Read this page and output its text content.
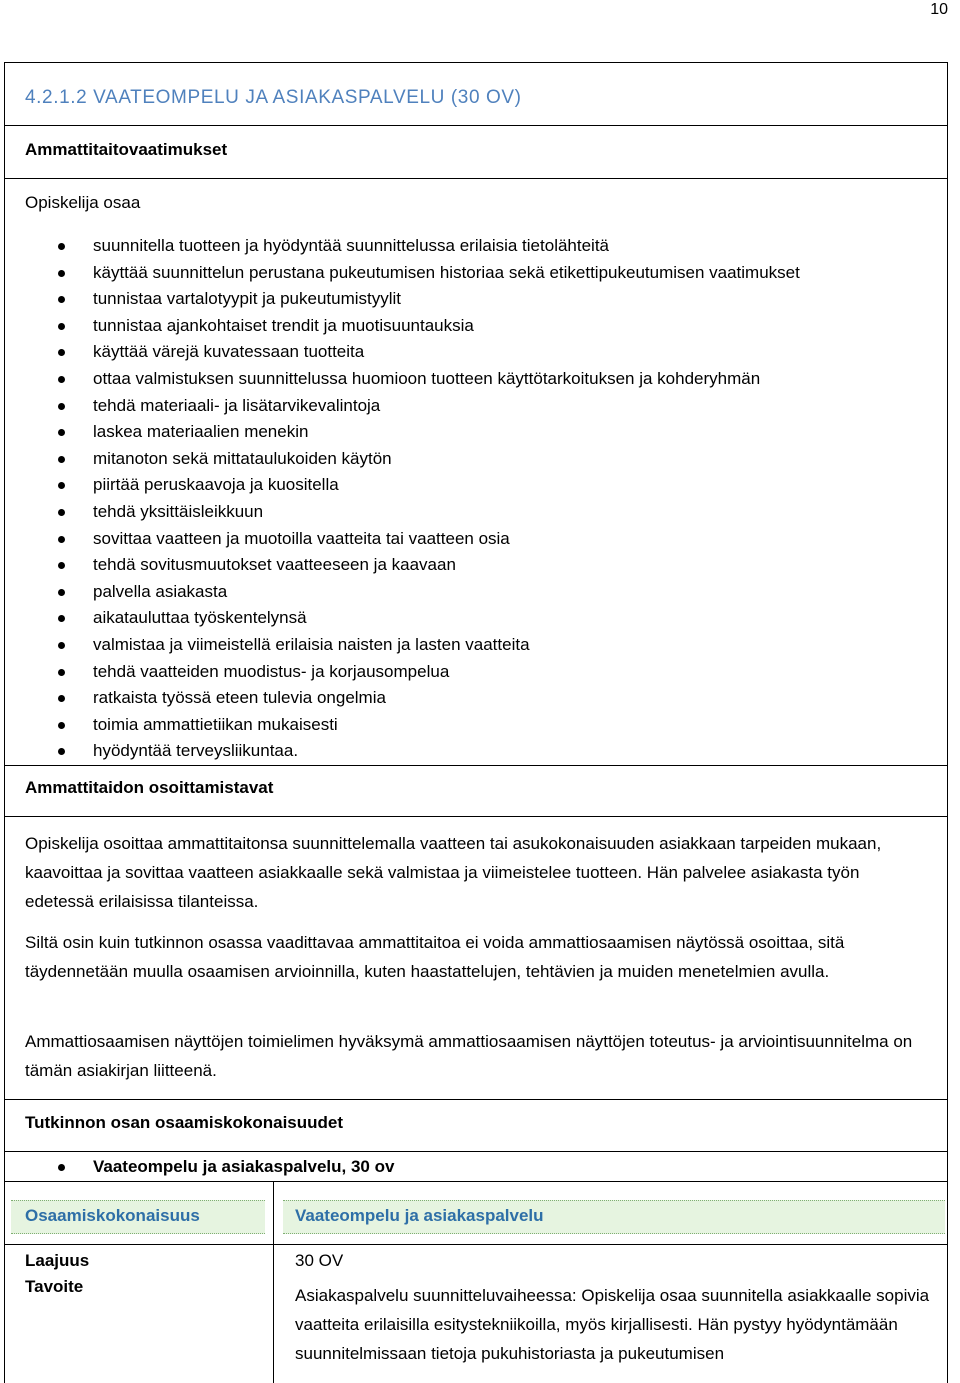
10
4.2.1.2 VAATEOMPELU JA ASIAKASPALVELU (30 OV)
Ammattitaitovaatimukset
Opiskelija osaa
suunnitella tuotteen ja hyödyntää suunnittelussa erilaisia tietolähteitä
käyttää suunnittelun perustana pukeutumisen historiaa sekä etikettipukeutumisen vaatimukset
tunnistaa vartalotyypit ja pukeutumistyylit
tunnistaa ajankohtaiset trendit ja muotisuuntauksia
käyttää värejä kuvatessaan tuotteita
ottaa valmistuksen suunnittelussa huomioon tuotteen käyttötarkoituksen ja kohderyhmän
tehdä materiaali- ja lisätarvikevalintoja
laskea materiaalien menekin
mitanoton sekä mittataulukoiden käytön
piirtää peruskaavoja ja kuositella
tehdä yksittäisleikkuun
sovittaa vaatteen ja muotoilla vaatteita tai vaatteen osia
tehdä sovitusmuutokset vaatteeseen ja kaavaan
palvella asiakasta
aikatauluttaa työskentelynsä
valmistaa ja viimeistellä erilaisia naisten ja lasten vaatteita
tehdä vaatteiden muodistus- ja korjausompelua
ratkaista työssä eteen tulevia ongelmia
toimia ammattietiikan mukaisesti
hyödyntää terveysliikuntaa.
Ammattitaidon osoittamistavat
Opiskelija osoittaa ammattitaitonsa suunnittelemalla vaatteen tai asukokonaisuuden asiakkaan tarpeiden mukaan, kaavoittaa ja sovittaa vaatteen asiakkaalle sekä valmistaa ja viimeistelee tuotteen. Hän palvelee asiakasta työn edetessä erilaisissa tilanteissa.
Siltä osin kuin tutkinnon osassa vaadittavaa ammattitaitoa ei voida ammattiosaamisen näytössä osoittaa, sitä täydennetään muulla osaamisen arvioinnilla, kuten haastattelujen, tehtävien ja muiden menetelmien avulla.
Ammattiosaamisen näyttöjen toimielimen hyväksymä ammattiosaamisen näyttöjen toteutus- ja arviointisuunnitelma on tämän asiakirjan liitteenä.
Tutkinnon osan osaamiskokonaisuudet
Vaateompelu ja asiakaspalvelu, 30 ov
Osaamiskokonaisuus	Vaateompelu ja asiakaspalvelu
Laajuus	30 OV
Tavoite	Asiakaspalvelu suunnitteluvaiheessa: Opiskelija osaa suunnitella asiakkaalle sopivia vaatteita erilaisilla esitystekniikoilla, myös kirjallisesti. Hän pystyy hyödyntämään suunnitelmissaan tietoja pukuhistoriasta ja pukeutumisen
